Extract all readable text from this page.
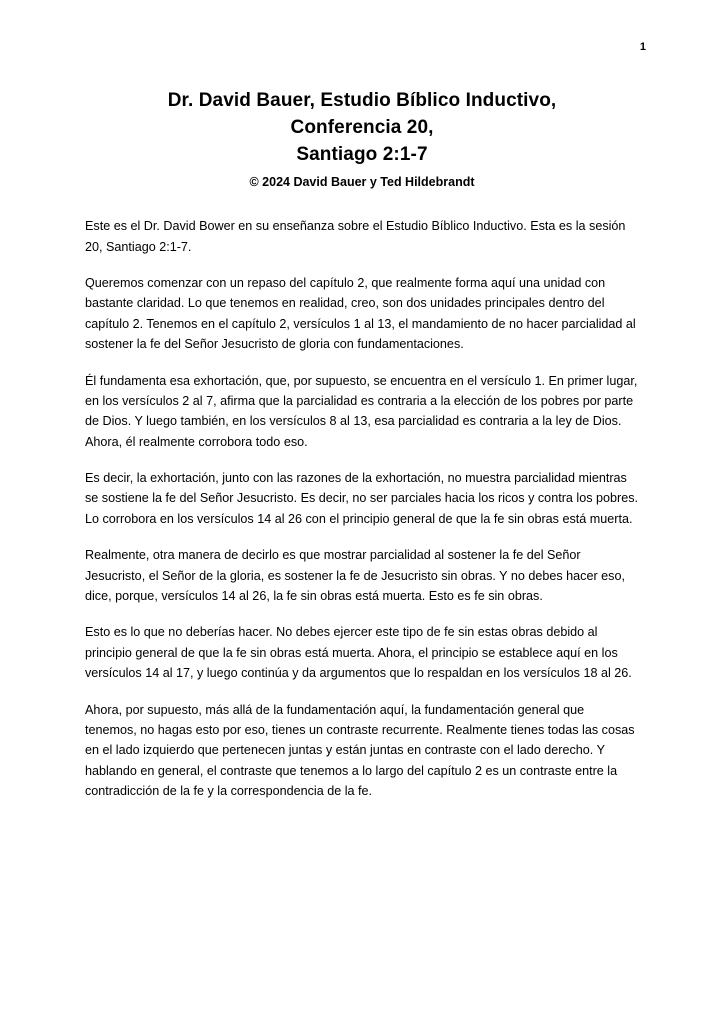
1
Dr. David Bauer, Estudio Bíblico Inductivo,
Conferencia 20,
Santiago 2:1-7
© 2024 David Bauer y Ted Hildebrandt

Este es el Dr. David Bower en su enseñanza sobre el Estudio Bíblico Inductivo. Esta es la sesión 20, Santiago 2:1-7.

Queremos comenzar con un repaso del capítulo 2, que realmente forma aquí una unidad con bastante claridad. Lo que tenemos en realidad, creo, son dos unidades principales dentro del capítulo 2. Tenemos en el capítulo 2, versículos 1 al 13, el mandamiento de no hacer parcialidad al sostener la fe del Señor Jesucristo de gloria con fundamentaciones.

Él fundamenta esa exhortación, que, por supuesto, se encuentra en el versículo 1. En primer lugar, en los versículos 2 al 7, afirma que la parcialidad es contraria a la elección de los pobres por parte de Dios. Y luego también, en los versículos 8 al 13, esa parcialidad es contraria a la ley de Dios. Ahora, él realmente corrobora todo eso.

Es decir, la exhortación, junto con las razones de la exhortación, no muestra parcialidad mientras se sostiene la fe del Señor Jesucristo. Es decir, no ser parciales hacia los ricos y contra los pobres. Lo corrobora en los versículos 14 al 26 con el principio general de que la fe sin obras está muerta.

Realmente, otra manera de decirlo es que mostrar parcialidad al sostener la fe del Señor Jesucristo, el Señor de la gloria, es sostener la fe de Jesucristo sin obras. Y no debes hacer eso, dice, porque, versículos 14 al 26, la fe sin obras está muerta. Esto es fe sin obras.

Esto es lo que no deberías hacer. No debes ejercer este tipo de fe sin estas obras debido al principio general de que la fe sin obras está muerta. Ahora, el principio se establece aquí en los versículos 14 al 17, y luego continúa y da argumentos que lo respaldan en los versículos 18 al 26.

Ahora, por supuesto, más allá de la fundamentación aquí, la fundamentación general que tenemos, no hagas esto por eso, tienes un contraste recurrente. Realmente tienes todas las cosas en el lado izquierdo que pertenecen juntas y están juntas en contraste con el lado derecho. Y hablando en general, el contraste que tenemos a lo largo del capítulo 2 es un contraste entre la contradicción de la fe y la correspondencia de la fe.
